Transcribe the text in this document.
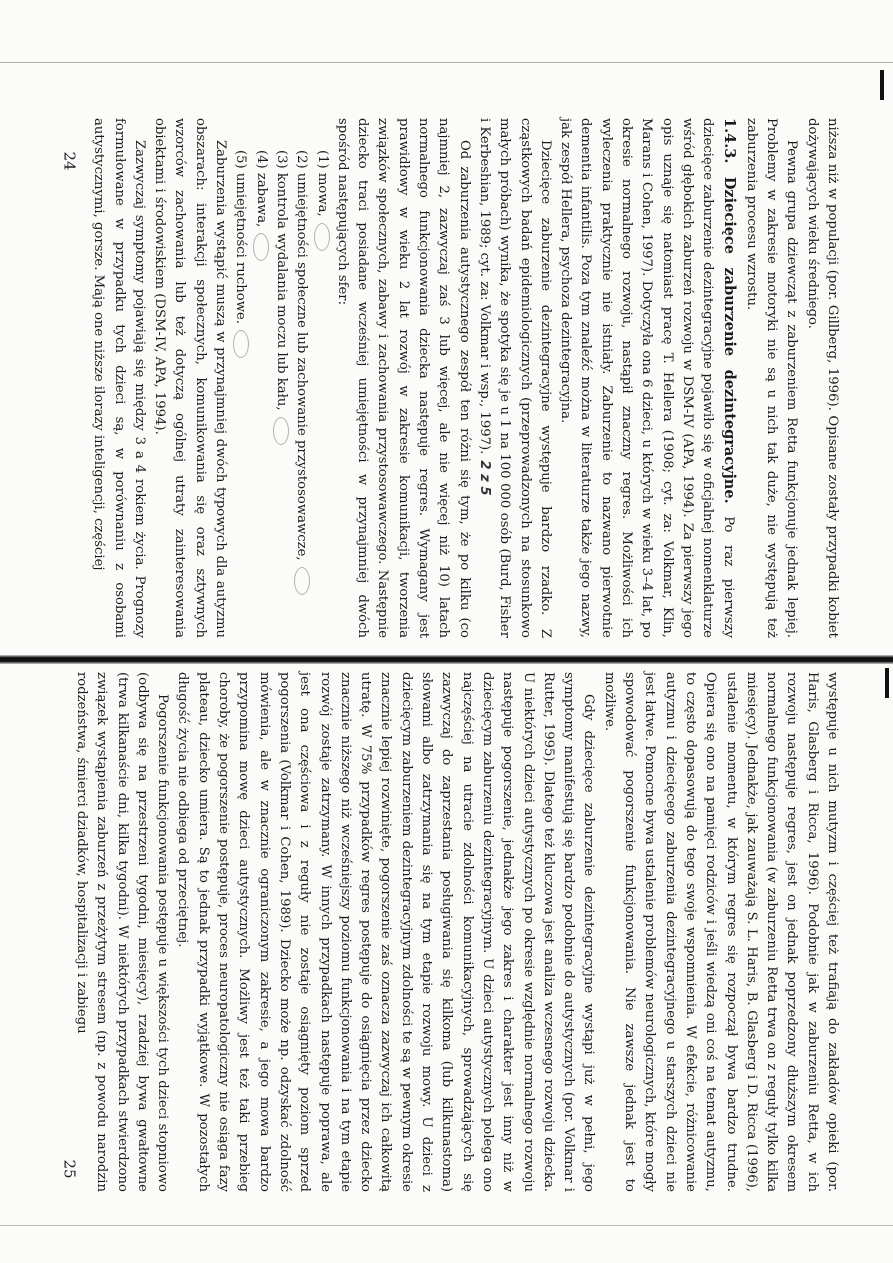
niższa niż w populacji (por. Gillberg, 1996). Opisane zostały przypadki kobiet dożywających wieku średniego.

Pewna grupa dziewcząt z zaburzeniem Retta funkcjonuje jednak lepiej. Problemy w zakresie motoryki nie są u nich tak duże, nie występują też zaburzenia procesu wzrostu.

1.4.3. Dziecięce zaburzenie dezintegracyjne. Po raz pierwszy dziecięce zaburzenie dezintegracyjne pojawiło się w oficjalnej nomenklaturze wśród głębokich zaburzeń rozwoju w DSM-IV (APA, 1994). Za pierwszy jego opis uznaje się natomiast pracę T. Hellera (1908; cyt. za: Volkmar, Klin, Marans i Cohen, 1997). Dotyczyła ona 6 dzieci, u których w wieku 3–4 lat, po okresie normalnego rozwoju, nastąpił znaczny regres. Możliwości ich wyleczenia praktycznie nie istniały. Zaburzenie to nazwano pierwotnie dementia infantilis. Poza tym znaleźć można w literaturze także jego nazwy, jak zespół Hellera, psychoza dezintegracyjna.

Dziecięce zaburzenie dezintegracyjne występuje bardzo rzadko. Z cząstkowych badań epidemiologicznych (przeprowadzonych na stosunkowo małych próbach) wynika, że spotyka się je u 1 na 100 000 osób (Burd, Fisher i Kerbeshian, 1989; cyt. za: Volkmar i wsp., 1997).2 z 5

Od zaburzenia autystycznego zespół ten różni się tym, że po kilku (co najmniej 2, zazwyczaj zaś 3 lub więcej, ale nie więcej niż 10) latach normalnego funkcjonowania dziecka następuje regres. Wymagany jest prawidłowy w wieku 2 lat rozwój w zakresie komunikacji, tworzenia związków społecznych, zabawy i zachowania przystosowawczego. Następnie dziecko traci posiadane wcześniej umiejętności w przynajmniej dwóch spośród następujących sfer:

(1) mowa,
(2) umiejętności społeczne lub zachowanie przystosowawcze,
(3) kontrola wydalania moczu lub kału,
(4) zabawa,
(5) umiejętności ruchowe.

Zaburzenia wystąpić muszą w przynajmniej dwóch typowych dla autyzmu obszarach: interakcji społecznych, komunikowania się oraz sztywnych wzorców zachowania lub też dotyczą ogólnej utraty zainteresowania obiektami i środowiskiem (DSM-IV, APA, 1994).

Zazwyczaj symptomy pojawiają się między 3 a 4 rokiem życia. Prognozy formułowane w przypadku tych dzieci są, w porównaniu z osobami autystycznymi, gorsze. Mają one niższe ilorazy inteligencji, częściej

24

występuje u nich mutyzm i częściej też trafiają do zakładów opieki (por. Haris, Glasberg i Ricca, 1996). Podobnie jak w zaburzeniu Retta, w ich rozwoju następuje regres, jest on jednak poprzedzony dłuższym okresem normalnego funkcjonowania (w zaburzeniu Retta trwa on z reguły tylko kilka miesięcy). Jednakże, jak zauważają S. L. Haris, B. Glasberg i D. Ricca (1996), ustalenie momentu, w którym regres się rozpoczął bywa bardzo trudne. Opiera się ono na pamięci rodziców i jeśli wiedzą oni coś na temat autyzmu, to często dopasowują do tego swoje wspomnienia. W efekcie, różnicowanie autyzmu i dziecięcego zaburzenia dezintegracyjnego u starszych dzieci nie jest łatwe. Pomocne bywa ustalenie problemów neurologicznych, które mogły spowodować pogorszenie funkcjonowania. Nie zawsze jednak jest to możliwe.

Gdy dziecięce zaburzenie dezintegracyjne wystąpi już w pełni, jego symptomy manifestują się bardzo podobnie do autystycznych (por. Volkmar i Rutter, 1995). Dlatego też kluczowa jest analiza wczesnego rozwoju dziecka. U niektórych dzieci autystycznych po okresie względnie normalnego rozwoju następuje pogorszenie, jednakże jego zakres i charakter jest inny niż w dziecięcym zaburzeniu dezintegracyjnym. U dzieci autystycznych polega ono najczęściej na utracie zdolności komunikacyjnych, sprowadzających się zazwyczaj do zaprzestania posługiwania się kilkoma (lub kilkunastoma) słowami albo zatrzymania się na tym etapie rozwoju mowy. U dzieci z dziecięcym zaburzeniem dezintegracyjnym zdolności te są w pewnym okresie znacznie lepiej rozwinięte, pogorszenie zaś oznacza zazwyczaj ich całkowitą utratę. W 75% przypadków regres postępuje do osiągnięcia przez dziecko znacznie niższego niż wcześniejszy poziomu funkcjonowania i na tym etapie rozwój zostaje zatrzymany. W innych przypadkach następuje poprawa, ale jest ona częściowa i z reguły nie zostaje osiągnięty poziom sprzed pogorszenia (Volkmar i Cohen, 1989). Dziecko może np. odzyskać zdolność mówienia, ale w znacznie ograniczonym zakresie, a jego mowa bardzo przypomina mowę dzieci autystycznych. Możliwy jest też taki przebieg choroby, że pogorszenie postępuje, proces neuropatologiczny nie osiąga fazy plateau, dziecko umiera. Są to jednak przypadki wyjątkowe. W pozostałych długość życia nie odbiega od przeciętnej.

Pogorszenie funkcjonowania postępuje u większości tych dzieci stopniowo (odbywa się na przestrzeni tygodni, miesięcy), rzadziej bywa gwałtowne (trwa kilkanaście dni, kilka tygodni). W niektórych przypadkach stwierdzono związek wystąpienia zaburzeń z przeżytym stresem (np. z powodu narodzin rodzeństwa, śmierci dziadków, hospitalizacji i zabiegu

25
